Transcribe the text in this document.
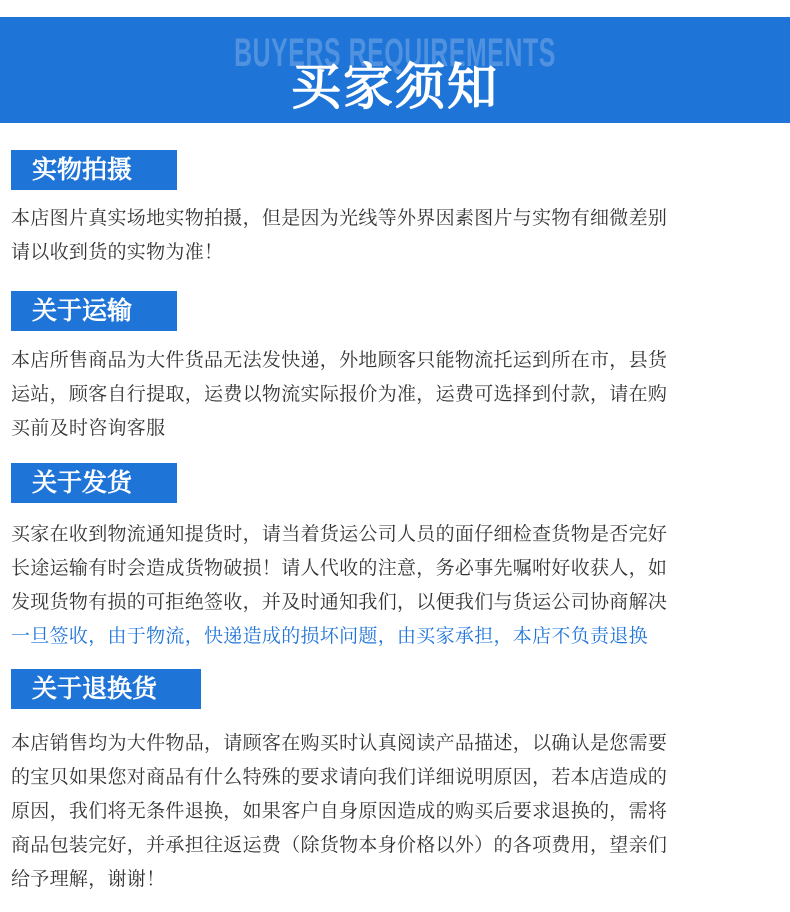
BUYERS REQUIREMENTS
买家须知
实物拍摄
本店图片真实场地实物拍摄，但是因为光线等外界因素图片与实物有细微差别
请以收到货的实物为准！
关于运输
本店所售商品为大件货品无法发快递，外地顾客只能物流托运到所在市，县货
运站，顾客自行提取，运费以物流实际报价为准，运费可选择到付款，请在购
买前及时咨询客服
关于发货
买家在收到物流通知提货时，请当着货运公司人员的面仔细检查货物是否完好
长途运输有时会造成货物破损！请人代收的注意，务必事先嘱咐好收获人，如
发现货物有损的可拒绝签收，并及时通知我们，以便我们与货运公司协商解决
一旦签收，由于物流，快递造成的损坏问题，由买家承担，本店不负责退换
关于退换货
本店销售均为大件物品，请顾客在购买时认真阅读产品描述，以确认是您需要
的宝贝如果您对商品有什么特殊的要求请向我们详细说明原因，若本店造成的
原因，我们将无条件退换，如果客户自身原因造成的购买后要求退换的，需将
商品包装完好，并承担往返运费（除货物本身价格以外）的各项费用，望亲们
给予理解，谢谢！
